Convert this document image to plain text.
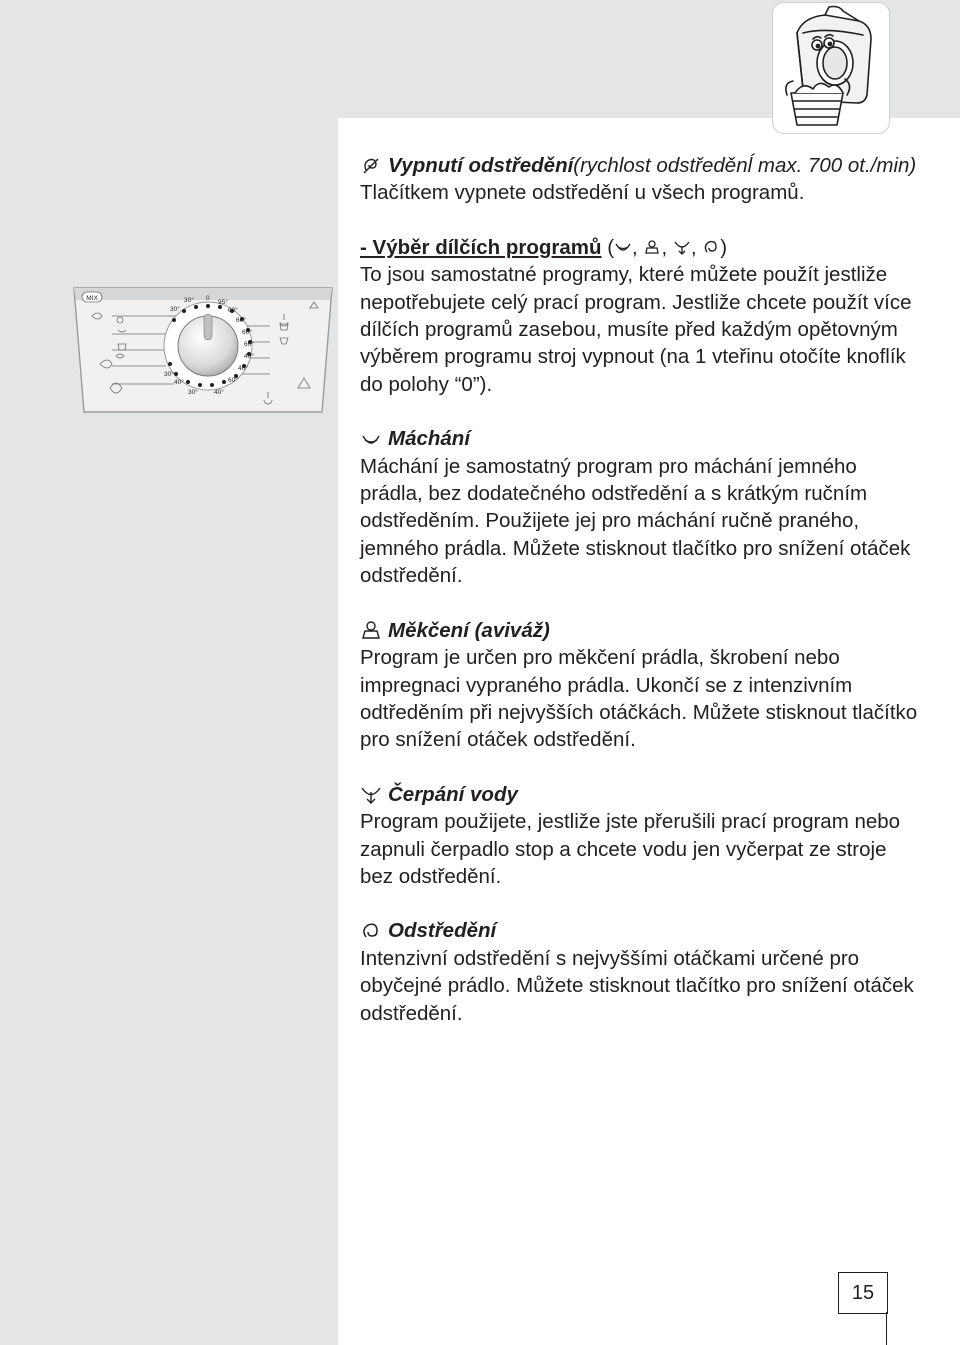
MIX	0
95°
30°
30°	60°
60°
60°
60°
40°
40°
60°
40°
30°
30°
40°

Vypnutí odstředění (rychlost odstředěnĺ max. 700 ot./min)

Tlačítkem vypnete odstředění u všech programů.

- Výběr dílčích programů ( , , , )

To jsou samostatné programy, které můžete použít jestliže nepotřebujete celý prací program. Jestliže chcete použít více dílčích programů zasebou, musíte před každým opětovným výběrem programu stroj vypnout (na 1 vteřinu otočíte knoflík do polohy “0”).

Máchání

Máchání je samostatný program pro máchání jemného prádla, bez dodatečného odstředění a s krátkým ručním odstředěním. Použijete jej pro máchání ručně praného, jemného prádla. Můžete stisknout tlačítko pro snížení otáček odstředění.

Měkčení (aviváž)

Program je určen pro měkčení prádla, škrobení nebo impregnaci vypraného prádla. Ukončí se z intenzivním odtředěním při nejvyšších otáčkách. Můžete stisknout tlačítko pro snížení otáček odstředění.

Čerpání vody

Program použijete, jestliže jste přerušili prací program nebo zapnuli čerpadlo stop a chcete vodu jen vyčerpat ze stroje bez odstředění.

Odstředění

Intenzivní odstředění s nejvyššími otáčkami určené pro obyčejné prádlo. Můžete stisknout tlačítko pro snížení otáček odstředění.

15
